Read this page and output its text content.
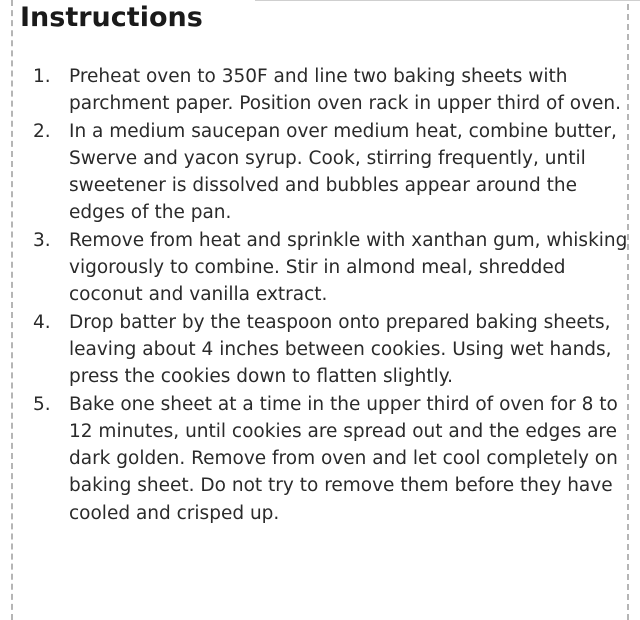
Instructions
1. Preheat oven to 350F and line two baking sheets with parchment paper. Position oven rack in upper third of oven.
2. In a medium saucepan over medium heat, combine butter, Swerve and yacon syrup. Cook, stirring frequently, until sweetener is dissolved and bubbles appear around the edges of the pan.
3. Remove from heat and sprinkle with xanthan gum, whisking vigorously to combine. Stir in almond meal, shredded coconut and vanilla extract.
4. Drop batter by the teaspoon onto prepared baking sheets, leaving about 4 inches between cookies. Using wet hands, press the cookies down to flatten slightly.
5. Bake one sheet at a time in the upper third of oven for 8 to 12 minutes, until cookies are spread out and the edges are dark golden. Remove from oven and let cool completely on baking sheet. Do not try to remove them before they have cooled and crisped up.
